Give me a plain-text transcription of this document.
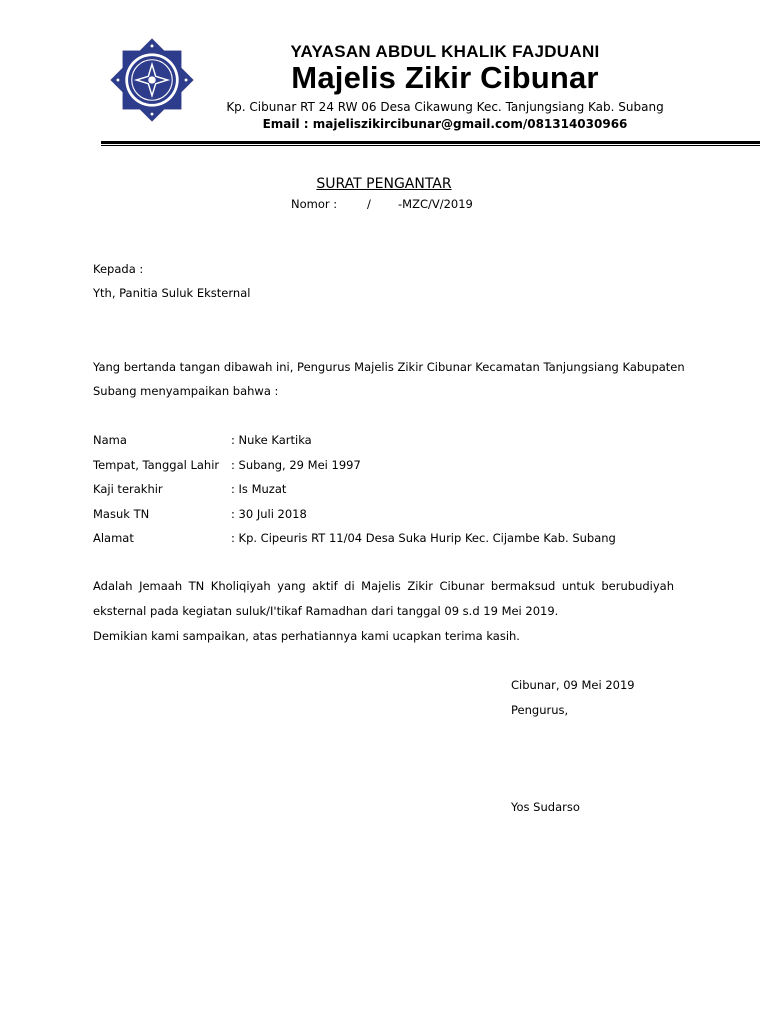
YAYASAN ABDUL KHALIK FAJDUANI
Majelis Zikir Cibunar
Kp. Cibunar RT 24 RW 06 Desa Cikawung Kec. Tanjungsiang Kab. Subang
Email : majeliszikircibunar@gmail.com/081314030966
SURAT PENGANTAR
Nomor :	/ -MZC/V/2019
Kepada :
Yth, Panitia Suluk Eksternal
Yang bertanda tangan dibawah ini, Pengurus Majelis Zikir Cibunar Kecamatan Tanjungsiang Kabupaten
Subang menyampaikan bahwa :
Nama	: Nuke Kartika
Tempat, Tanggal Lahir : Subang, 29 Mei 1997
Kaji terakhir	: Is Muzat
Masuk TN	: 30 Juli 2018
Alamat	: Kp. Cipeuris RT 11/04 Desa Suka Hurip Kec. Cijambe Kab. Subang
Adalah Jemaah TN Kholiqiyah yang aktif di Majelis Zikir Cibunar bermaksud untuk berubudiyah
eksternal pada kegiatan suluk/I'tikaf Ramadhan dari tanggal 09 s.d 19 Mei 2019.
Demikian kami sampaikan, atas perhatiannya kami ucapkan terima kasih.
Cibunar, 09 Mei 2019
Pengurus,
Yos Sudarso
